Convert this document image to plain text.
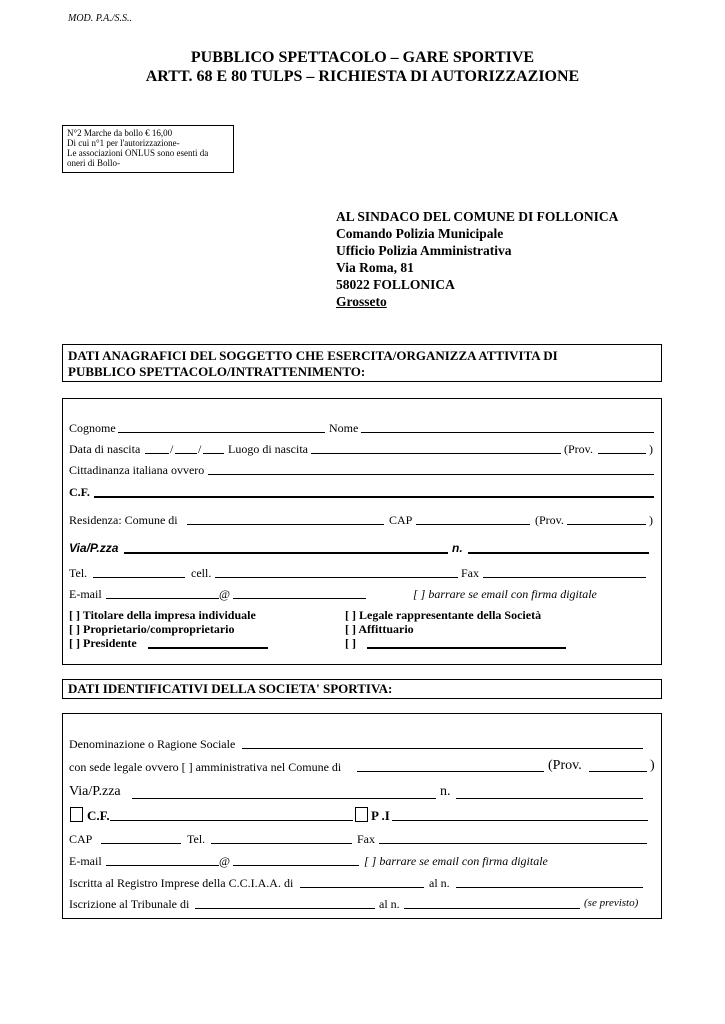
MOD. P.A./S.S..
PUBBLICO SPETTACOLO – GARE SPORTIVE
ARTT. 68 E 80 TULPS – RICHIESTA DI AUTORIZZAZIONE
N°2 Marche da bollo € 16,00
Di cui n°1 per l'autorizzazione-
Le associazioni ONLUS sono esenti da
oneri di Bollo-
AL SINDACO DEL COMUNE DI FOLLONICA
Comando Polizia Municipale
Ufficio Polizia Amministrativa
Via Roma, 81
58022 FOLLONICA
Grosseto
DATI ANAGRAFICI DEL SOGGETTO CHE ESERCITA/ORGANIZZA ATTIVITA DI
PUBBLICO SPETTACOLO/INTRATTENIMENTO:
Cognome	Nome
Data di nascita / / Luogo di nascita	(Prov.	)
Cittadinanza italiana ovvero
C.F.
Residenza: Comune di	CAP	(Prov.	)
Via/P.zza	n.
Tel.	cell.	Fax
E-mail	@	[ ] barrare se email con firma digitale
[ ] Titolare della impresa individuale	[ ] Legale rappresentante della Società
[ ] Proprietario/comproprietario	[ ] Affittuario
[ ] Presidente	[ ]
DATI IDENTIFICATIVI DELLA SOCIETA' SPORTIVA:
Denominazione o Ragione Sociale
con sede legale ovvero [ ] amministrativa nel Comune di	(Prov.	)
Via/P.zza	n.
C.F.	P .I
CAP	Tel.	Fax
E-mail	@	[ ] barrare se email con firma digitale
Iscritta al Registro Imprese della C.C.I.A.A. di	al n.
Iscrizione al Tribunale di	al n.	(se previsto)
